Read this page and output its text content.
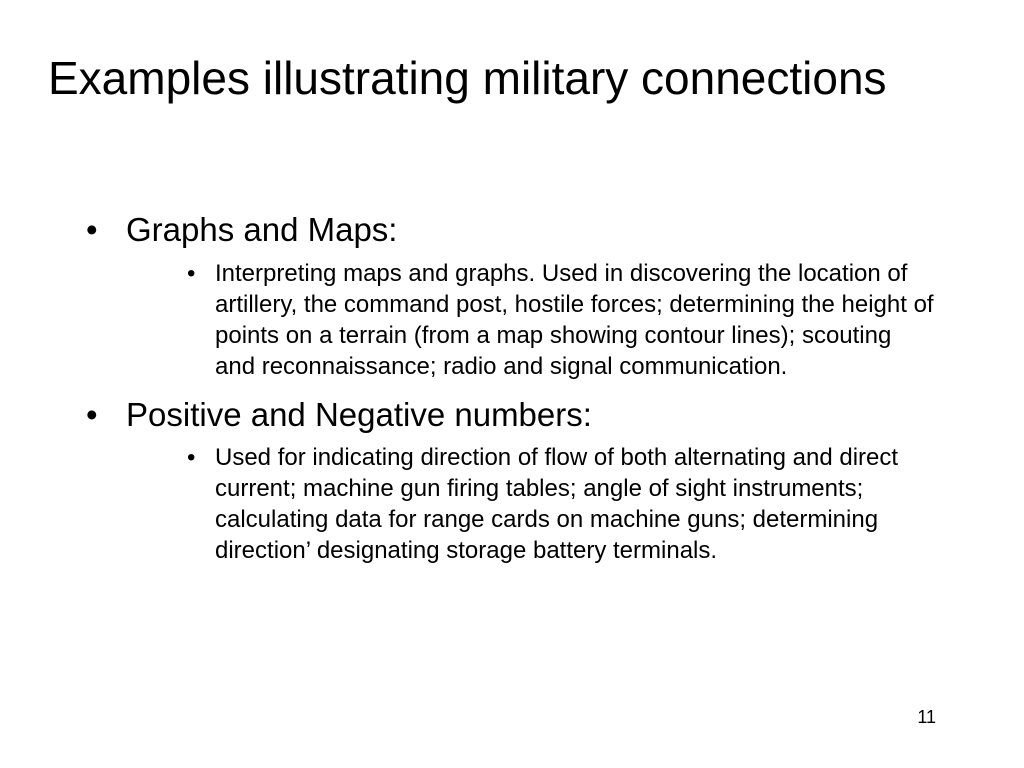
Examples illustrating military connections
• Graphs and Maps:
• Interpreting maps and graphs. Used in discovering the location of artillery, the command post, hostile forces; determining the height of points on a terrain (from a map showing contour lines); scouting and reconnaissance; radio and signal communication.
• Positive and Negative numbers:
• Used for indicating direction of flow of both alternating and direct current; machine gun firing tables; angle of sight instruments; calculating data for range cards on machine guns; determining direction’ designating storage battery terminals.
11
